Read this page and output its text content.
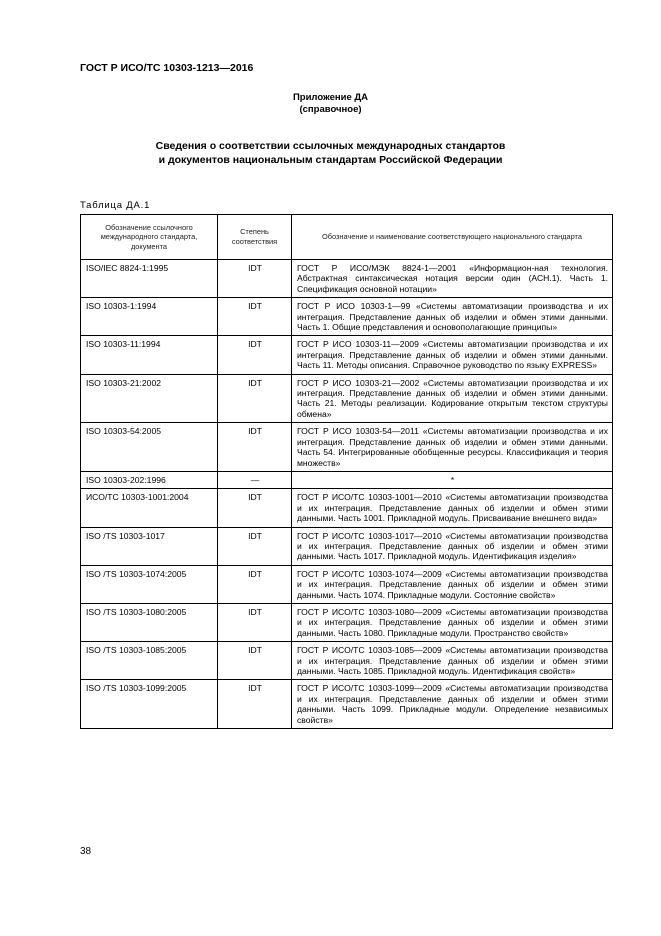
ГОСТ Р ИСО/ТС 10303-1213—2016
Приложение ДА
(справочное)
Сведения о соответствии ссылочных международных стандартов
и документов национальным стандартам Российской Федерации
Таблица ДА.1
Обозначение ссылочного международного стандарта, документа	Степень соответствия	Обозначение и наименование соответствующего национального стандарта
ISO/IEC 8824-1:1995	IDT	ГОСТ Р ИСО/МЭК 8824-1—2001 «Информацион-ная технология. Абстрактная синтаксическая нотация версии один (АСН.1). Часть 1. Спецификация основной нотации»
ISO 10303-1:1994	IDT	ГОСТ Р ИСО 10303-1—99 «Системы автоматизации производства и их интеграция. Представление данных об изделии и обмен этими данными. Часть 1. Общие представления и основополагающие принципы»
ISO 10303-11:1994	IDT	ГОСТ Р ИСО 10303-11—2009 «Системы автоматизации производства и их интеграция. Представление данных об изделии и обмен этими данными. Часть 11. Методы описания. Справочное руководство по языку EXPRESS»
ISO 10303-21:2002	IDT	ГОСТ Р ИСО 10303-21—2002 «Системы автоматизации производства и их интеграция. Представление данных об изделии и обмен этими данными. Часть 21. Методы реализации. Кодирование открытым текстом структуры обмена»
ISO 10303-54:2005	IDT	ГОСТ Р ИСО 10303-54—2011 «Системы автоматизации производства и их интеграция. Представление данных об изделии и обмен этими данными. Часть 54. Интегрированные обобщенные ресурсы. Классификация и теория множеств»
ISO 10303-202:1996	—	*
ИСО/ТС 10303-1001:2004	IDT	ГОСТ Р ИСО/ТС 10303-1001—2010 «Системы автоматизации производства и их интеграция. Представление данных об изделии и обмен этими данными. Часть 1001. Прикладной модуль. Присваивание внешнего вида»
ISO /TS 10303-1017	IDT	ГОСТ Р ИСО/ТС 10303-1017—2010 «Системы автоматизации производства и их интеграция. Представление данных об изделии и обмен этими данными. Часть 1017. Прикладной модуль. Идентификация изделия»
ISO /TS 10303-1074:2005	IDT	ГОСТ Р ИСО/ТС 10303-1074—2009 «Системы автоматизации производства и их интеграция. Представление данных об изделии и обмен этими данными. Часть 1074. Прикладные модули. Состояние свойств»
ISO /TS 10303-1080:2005	IDT	ГОСТ Р ИСО/ТС 10303-1080—2009 «Системы автоматизации производства и их интеграция. Представление данных об изделии и обмен этими данными. Часть 1080. Прикладные модули. Пространство свойств»
ISO /TS 10303-1085:2005	IDT	ГОСТ Р ИСО/ТС 10303-1085—2009 «Системы автоматизации производства и их интеграция. Представление данных об изделии и обмен этими данными. Часть 1085. Прикладной модуль. Идентификация свойств»
ISO /TS 10303-1099:2005	IDT	ГОСТ Р ИСО/ТС 10303-1099—2009 «Системы автоматизации производства и их интеграция. Представление данных об изделии и обмен этими данными. Часть 1099. Прикладные модули. Определение независимых свойств»
38
